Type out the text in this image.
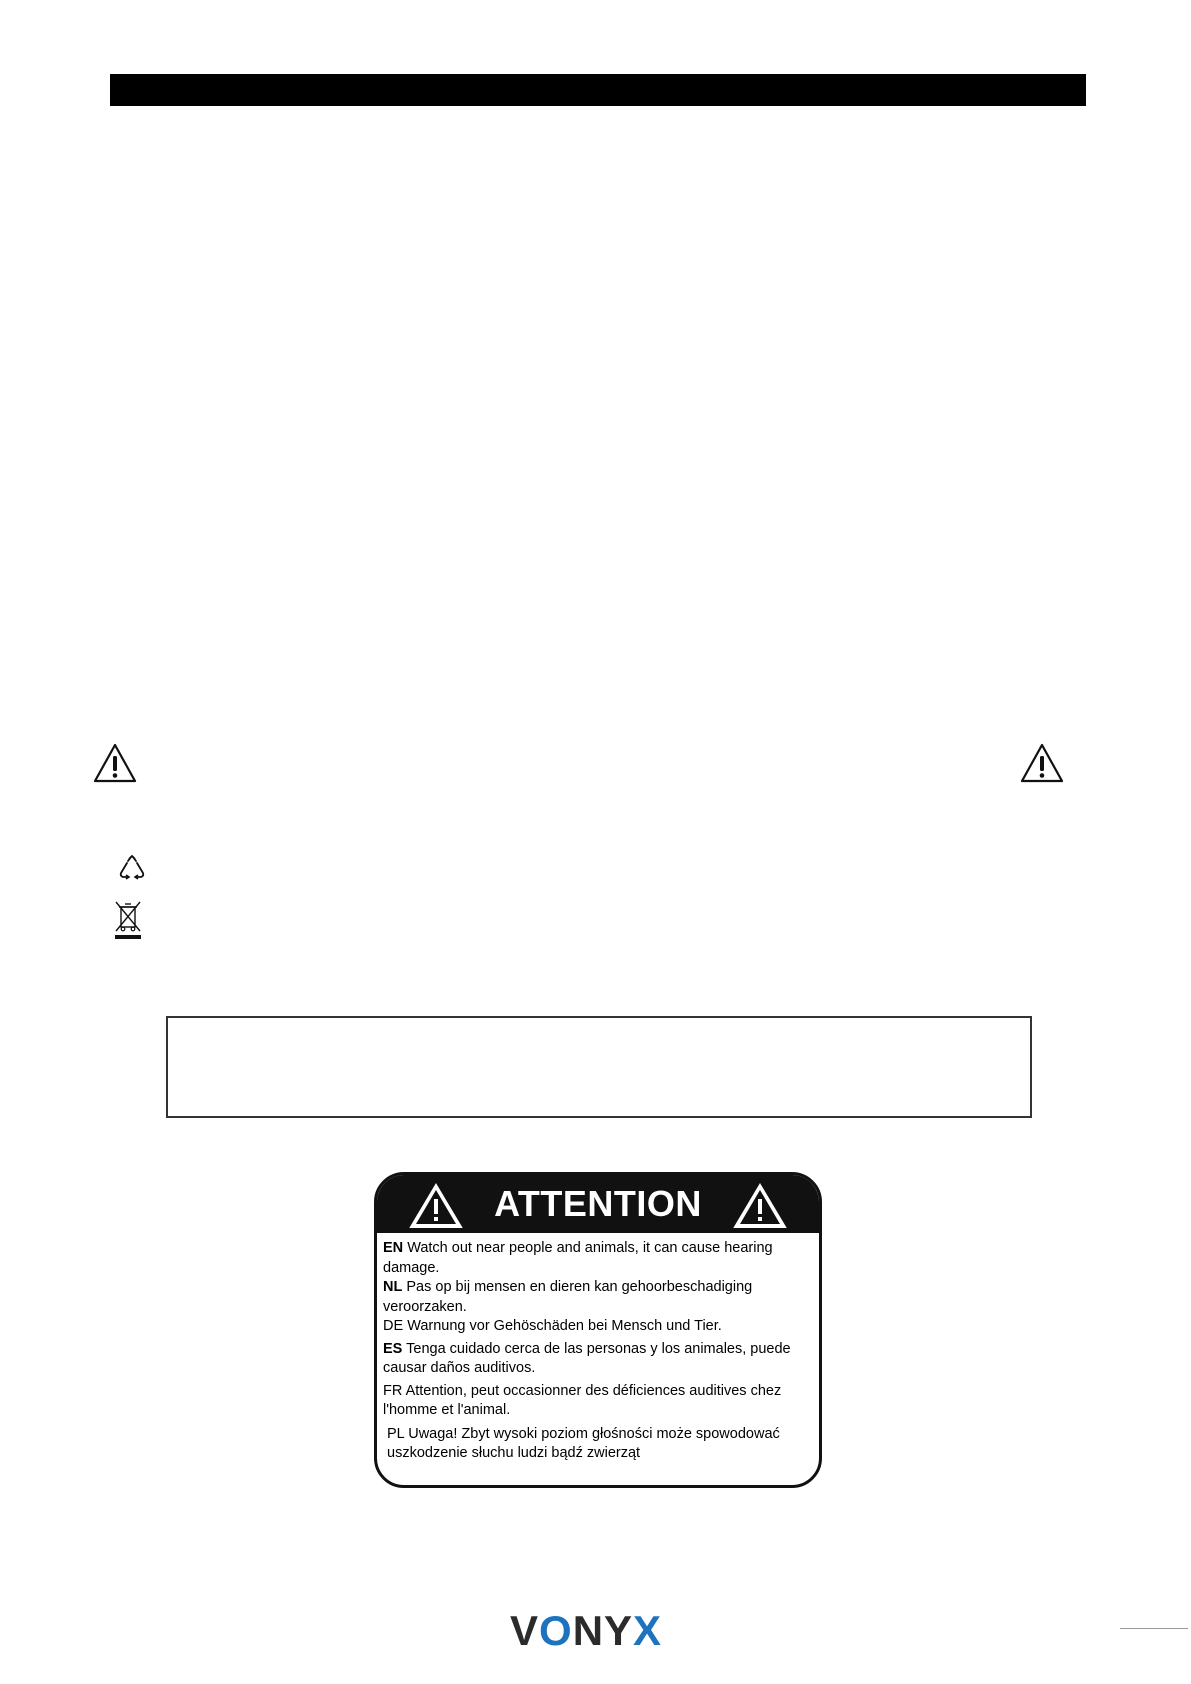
ATTENTION
EN Watch out near people and animals, it can cause hearing damage.
NL Pas op bij mensen en dieren kan gehoorbeschadiging veroorzaken.
DE Warnung vor Gehöschäden bei Mensch und Tier.
ES Tenga cuidado cerca de las personas y los animales, puede causar daños auditivos.
FR Attention, peut occasionner des déficiences auditives chez l'homme et l'animal.
PL Uwaga! Zbyt wysoki poziom głośności może spowodować uszkodzenie słuchu ludzi bądź zwierząt
V O NY X
